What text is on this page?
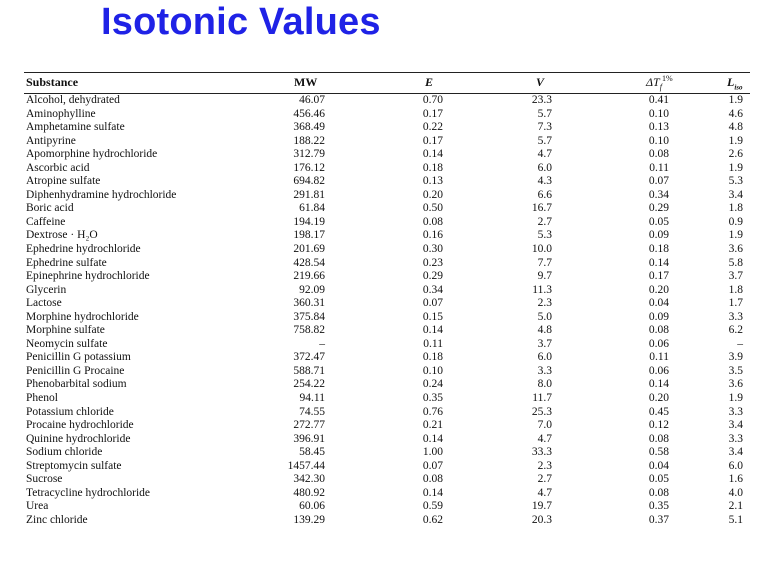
Isotonic Values
Substance	MW	E	V	$\Delta T_f^{1\%}$	$L_{iso}$
Alcohol, dehydrated	46.07	0.70	23.3	0.41	1.9
Aminophylline	456.46	0.17	5.7	0.10	4.6
Amphetamine sulfate	368.49	0.22	7.3	0.13	4.8
Antipyrine	188.22	0.17	5.7	0.10	1.9
Apomorphine hydrochloride	312.79	0.14	4.7	0.08	2.6
Ascorbic acid	176.12	0.18	6.0	0.11	1.9
Atropine sulfate	694.82	0.13	4.3	0.07	5.3
Diphenhydramine hydrochloride	291.81	0.20	6.6	0.34	3.4
Boric acid	61.84	0.50	16.7	0.29	1.8
Caffeine	194.19	0.08	2.7	0.05	0.9
Dextrose · H₂O	198.17	0.16	5.3	0.09	1.9
Ephedrine hydrochloride	201.69	0.30	10.0	0.18	3.6
Ephedrine sulfate	428.54	0.23	7.7	0.14	5.8
Epinephrine hydrochloride	219.66	0.29	9.7	0.17	3.7
Glycerin	92.09	0.34	11.3	0.20	1.8
Lactose	360.31	0.07	2.3	0.04	1.7
Morphine hydrochloride	375.84	0.15	5.0	0.09	3.3
Morphine sulfate	758.82	0.14	4.8	0.08	6.2
Neomycin sulfate	–	0.11	3.7	0.06	–
Penicillin G potassium	372.47	0.18	6.0	0.11	3.9
Penicillin G Procaine	588.71	0.10	3.3	0.06	3.5
Phenobarbital sodium	254.22	0.24	8.0	0.14	3.6
Phenol	94.11	0.35	11.7	0.20	1.9
Potassium chloride	74.55	0.76	25.3	0.45	3.3
Procaine hydrochloride	272.77	0.21	7.0	0.12	3.4
Quinine hydrochloride	396.91	0.14	4.7	0.08	3.3
Sodium chloride	58.45	1.00	33.3	0.58	3.4
Streptomycin sulfate	1457.44	0.07	2.3	0.04	6.0
Sucrose	342.30	0.08	2.7	0.05	1.6
Tetracycline hydrochloride	480.92	0.14	4.7	0.08	4.0
Urea	60.06	0.59	19.7	0.35	2.1
Zinc chloride	139.29	0.62	20.3	0.37	5.1
